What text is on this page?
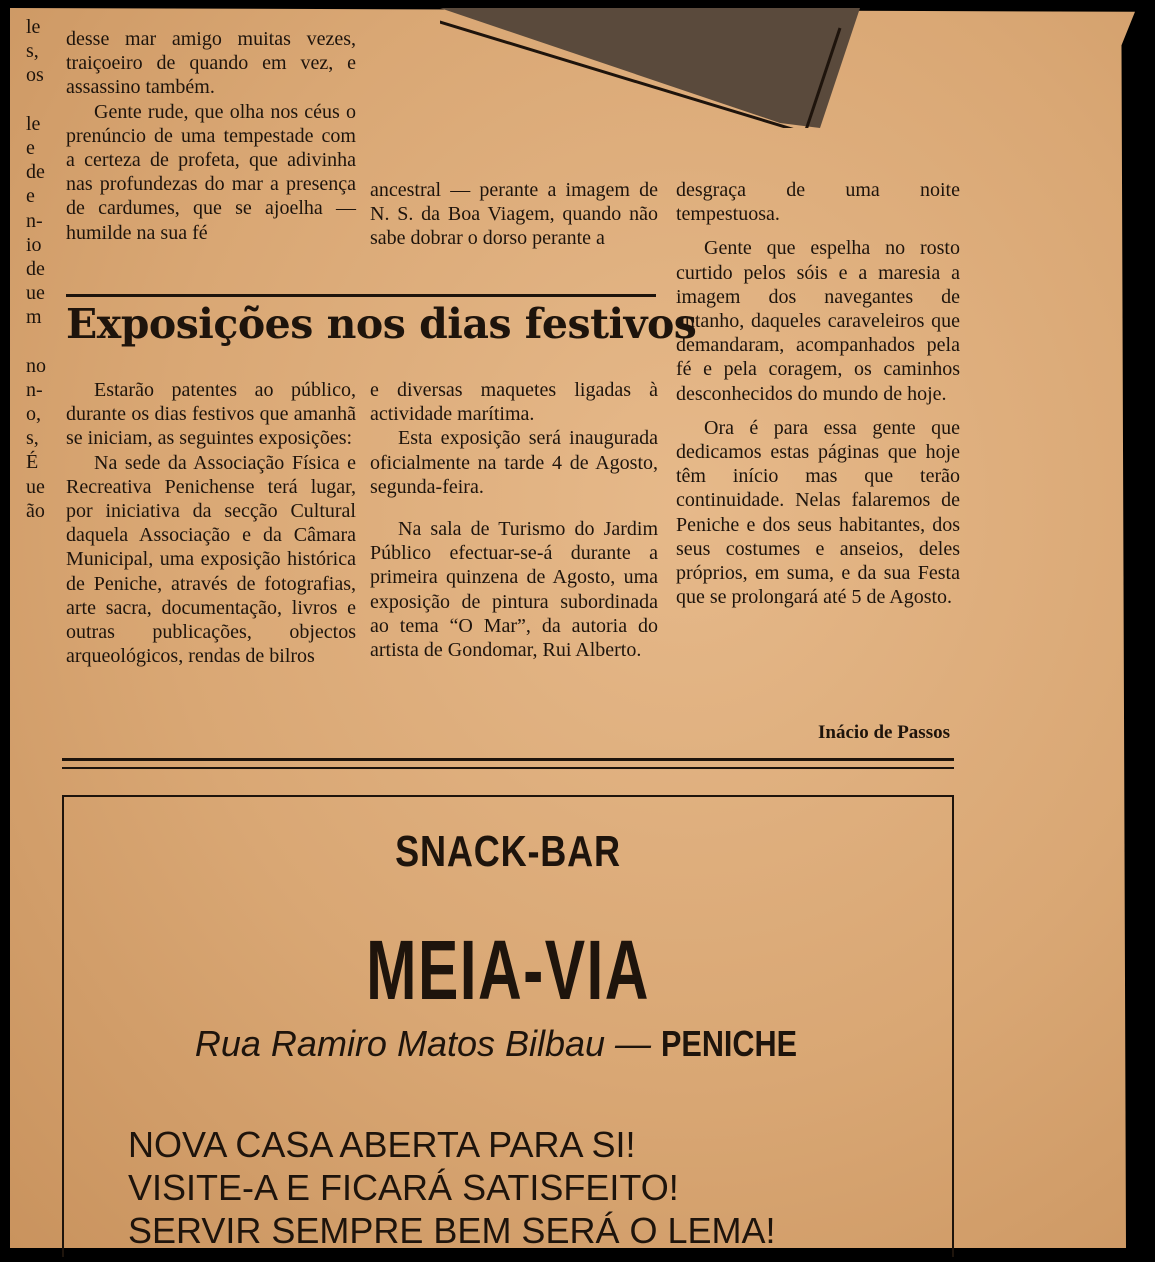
le
s,
os
le
e
de
e
n-
io
de
ue
m
no
n-
o,
s,
É
ue
ão

desse mar amigo muitas vezes, traiçoeiro de quando em vez, e assassino também.

Gente rude, que olha nos céus o prenúncio de uma tempestade com a certeza de profeta, que adivinha nas profundezas do mar a presença de cardumes, que se ajoelha — humilde na sua fé

ancestral — perante a imagem de N. S. da Boa Viagem, quando não sabe dobrar o dorso perante a

desgraça de uma noite tempestuosa.

Gente que espelha no rosto curtido pelos sóis e a maresia a imagem dos navegantes de antanho, daqueles caraveleiros que demandaram, acompanhados pela fé e pela coragem, os caminhos desconhecidos do mundo de hoje.

Ora é para essa gente que dedicamos estas páginas que hoje têm início mas que terão continuidade. Nelas falaremos de Peniche e dos seus habitantes, dos seus costumes e anseios, deles próprios, em suma, e da sua Festa que se prolongará até 5 de Agosto.

Exposições nos dias festivos

Estarão patentes ao público, durante os dias festivos que amanhã se iniciam, as seguintes exposições:

Na sede da Associação Física e Recreativa Penichense terá lugar, por iniciativa da secção Cultural daquela Associação e da Câmara Municipal, uma exposição histórica de Peniche, através de fotografias, arte sacra, documentação, livros e outras publicações, objectos arqueológicos, rendas de bilros

e diversas maquetes ligadas à actividade marítima.

Esta exposição será inaugurada oficialmente na tarde 4 de Agosto, segunda-feira.

Na sala de Turismo do Jardim Público efectuar-se-á durante a primeira quinzena de Agosto, uma exposição de pintura subordinada ao tema “O Mar”, da autoria do artista de Gondomar, Rui Alberto.

Inácio de Passos
SNACK-BAR
MEIA-VIA
Rua Ramiro Matos Bilbau — PENICHE
NOVA CASA ABERTA PARA SI!
VISITE-A E FICARÁ SATISFEITO!
SERVIR SEMPRE BEM SERÁ O LEMA!
